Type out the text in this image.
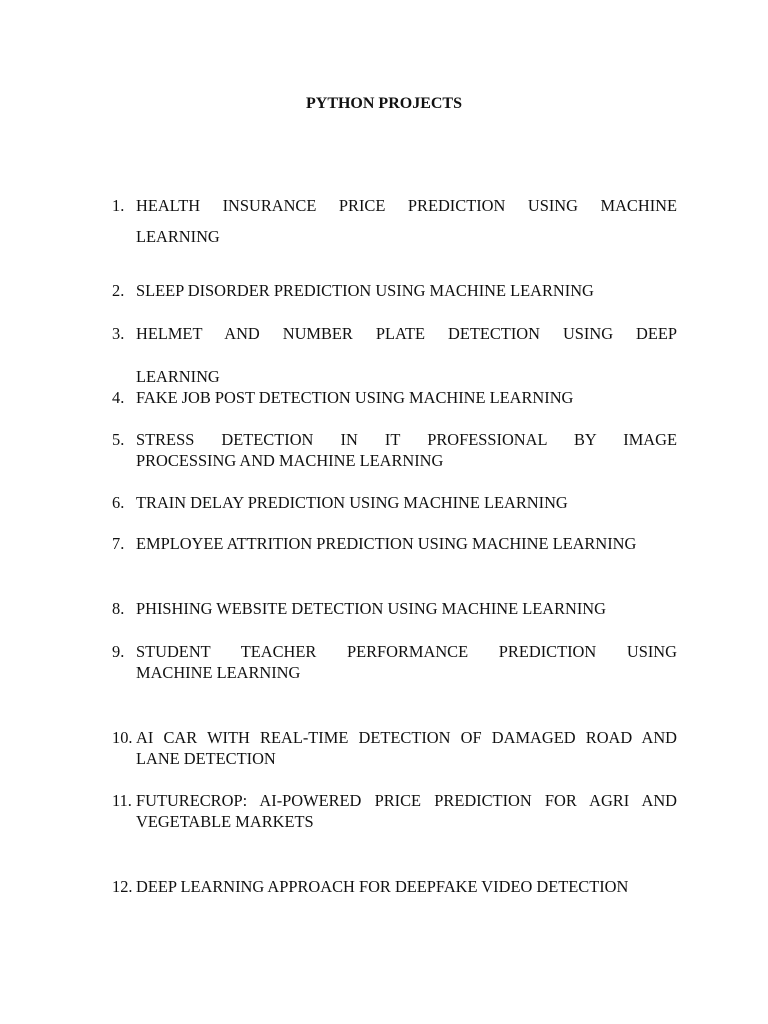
PYTHON PROJECTS
1. HEALTH INSURANCE PRICE PREDICTION USING MACHINE
LEARNING
2. SLEEP DISORDER PREDICTION USING MACHINE LEARNING
3. HELMET AND NUMBER PLATE DETECTION USING DEEP
LEARNING
4. FAKE JOB POST DETECTION USING MACHINE LEARNING
5. STRESS DETECTION IN IT PROFESSIONAL BY IMAGE
PROCESSING AND MACHINE LEARNING
6. TRAIN DELAY PREDICTION USING MACHINE LEARNING
7. EMPLOYEE ATTRITION PREDICTION USING MACHINE LEARNING
8. PHISHING WEBSITE DETECTION USING MACHINE LEARNING
9. STUDENT TEACHER PERFORMANCE PREDICTION USING
MACHINE LEARNING
10. AI CAR WITH REAL-TIME DETECTION OF DAMAGED ROAD AND
LANE DETECTION
11. FUTURECROP: AI-POWERED PRICE PREDICTION FOR AGRI AND
VEGETABLE MARKETS
12. DEEP LEARNING APPROACH FOR DEEPFAKE VIDEO DETECTION
